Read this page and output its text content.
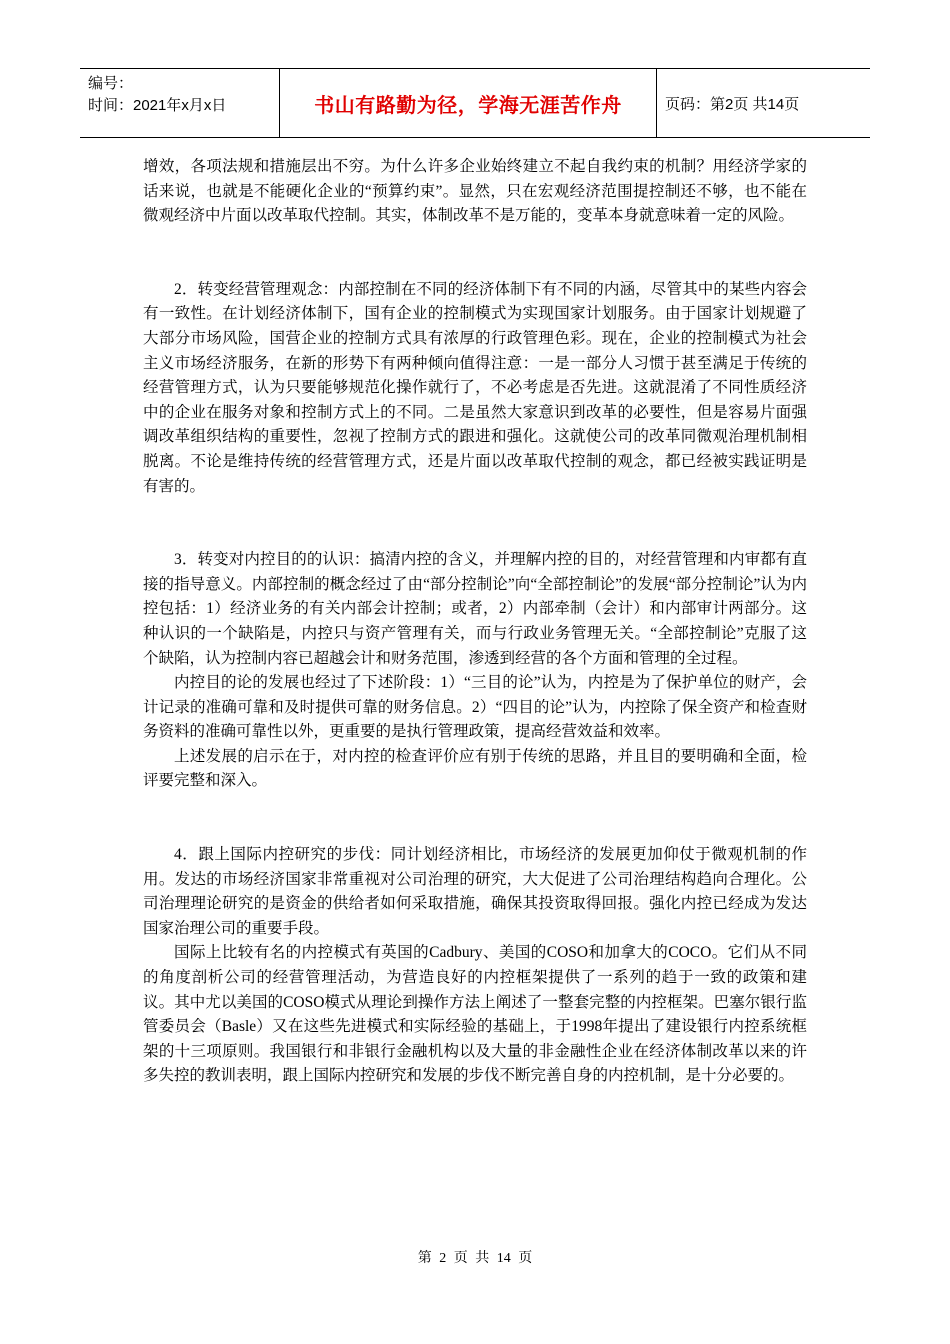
编号：
时间：2021年x月x日	书山有路勤为径，学海无涯苦作舟	页码：第2页 共14页

增效，各项法规和措施层出不穷。为什么许多企业始终建立不起自我约束的机制？用经济学家的话来说，也就是不能硬化企业的“预算约束”。显然，只在宏观经济范围提控制还不够，也不能在微观经济中片面以改革取代控制。其实，体制改革不是万能的，变革本身就意味着一定的风险。

2．转变经营管理观念：内部控制在不同的经济体制下有不同的内涵，尽管其中的某些内容会有一致性。在计划经济体制下，国有企业的控制模式为实现国家计划服务。由于国家计划规避了大部分市场风险，国营企业的控制方式具有浓厚的行政管理色彩。现在，企业的控制模式为社会主义市场经济服务，在新的形势下有两种倾向值得注意：一是一部分人习惯于甚至满足于传统的经营管理方式，认为只要能够规范化操作就行了，不必考虑是否先进。这就混淆了不同性质经济中的企业在服务对象和控制方式上的不同。二是虽然大家意识到改革的必要性，但是容易片面强调改革组织结构的重要性，忽视了控制方式的跟进和强化。这就使公司的改革同微观治理机制相脱离。不论是维持传统的经营管理方式，还是片面以改革取代控制的观念，都已经被实践证明是有害的。

3．转变对内控目的的认识：搞清内控的含义，并理解内控的目的，对经营管理和内审都有直接的指导意义。内部控制的概念经过了由“部分控制论”向“全部控制论”的发展“部分控制论”认为内控包括：1）经济业务的有关内部会计控制；或者，2）内部牵制（会计）和内部审计两部分。这种认识的一个缺陷是，内控只与资产管理有关，而与行政业务管理无关。“全部控制论”克服了这个缺陷，认为控制内容已超越会计和财务范围，渗透到经营的各个方面和管理的全过程。

内控目的论的发展也经过了下述阶段：1）“三目的论”认为，内控是为了保护单位的财产，会计记录的准确可靠和及时提供可靠的财务信息。2）“四目的论”认为，内控除了保全资产和检查财务资料的准确可靠性以外，更重要的是执行管理政策，提高经营效益和效率。

上述发展的启示在于，对内控的检查评价应有别于传统的思路，并且目的要明确和全面，检评要完整和深入。

4．跟上国际内控研究的步伐：同计划经济相比，市场经济的发展更加仰仗于微观机制的作用。发达的市场经济国家非常重视对公司治理的研究，大大促进了公司治理结构趋向合理化。公司治理理论研究的是资金的供给者如何采取措施，确保其投资取得回报。强化内控已经成为发达国家治理公司的重要手段。

国际上比较有名的内控模式有英国的Cadbury、美国的COSO和加拿大的COCO。它们从不同的角度剖析公司的经营管理活动，为营造良好的内控框架提供了一系列的趋于一致的政策和建议。其中尤以美国的COSO模式从理论到操作方法上阐述了一整套完整的内控框架。巴塞尔银行监管委员会（Basle）又在这些先进模式和实际经验的基础上，于1998年提出了建设银行内控系统框架的十三项原则。我国银行和非银行金融机构以及大量的非金融性企业在经济体制改革以来的许多失控的教训表明，跟上国际内控研究和发展的步伐不断完善自身的内控机制，是十分必要的。

第 2 页 共 14 页
